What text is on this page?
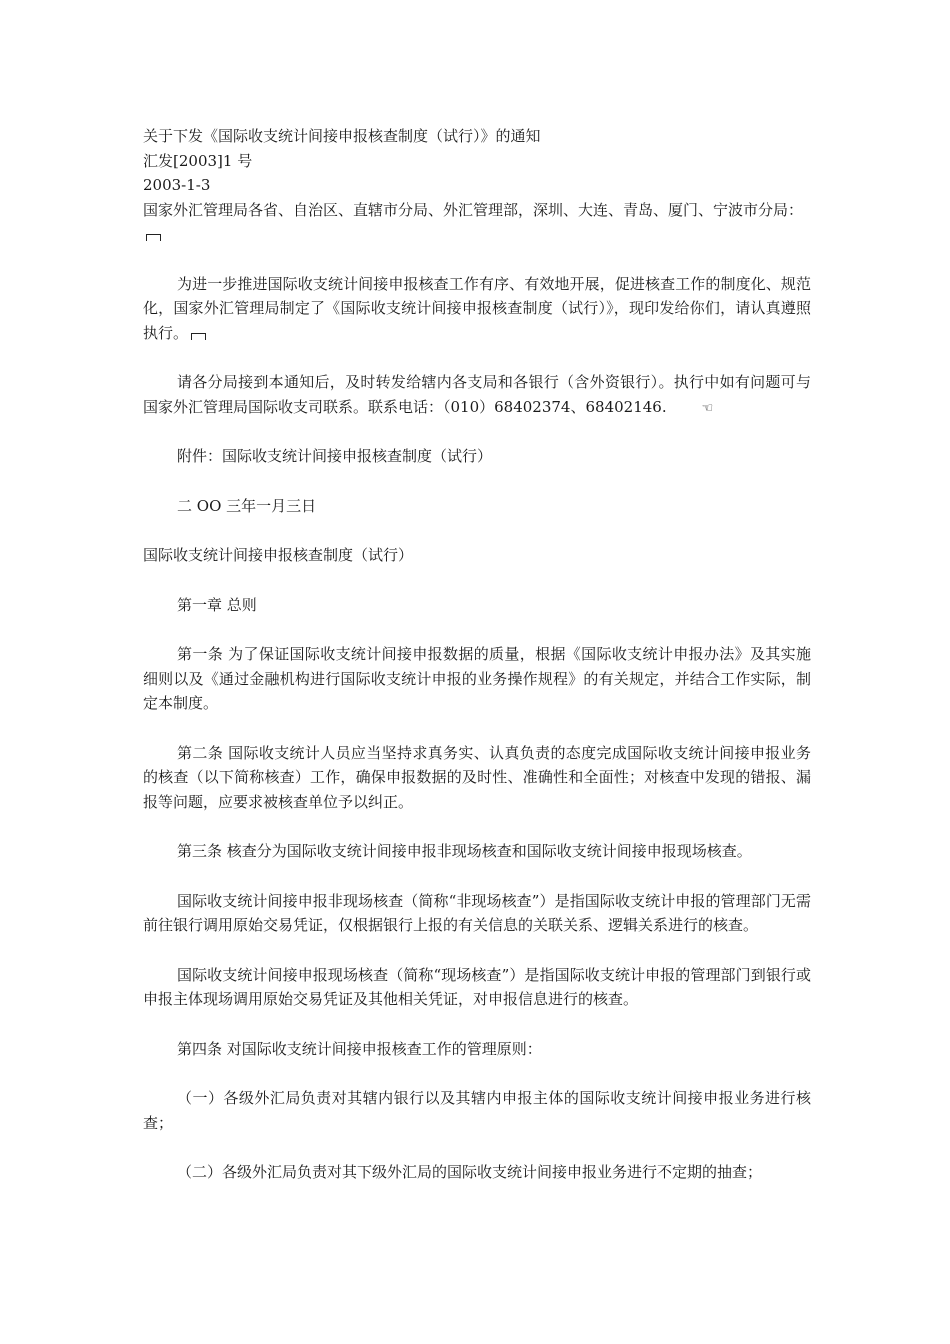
关于下发《国际收支统计间接申报核查制度（试行）》的通知
汇发[2003]1 号
2003-1-3
国家外汇管理局各省、自治区、直辖市分局、外汇管理部，深圳、大连、青岛、厦门、宁波市分局：

为进一步推进国际收支统计间接申报核查工作有序、有效地开展，促进核查工作的制度化、规范化，国家外汇管理局制定了《国际收支统计间接申报核查制度（试行）》，现印发给你们，请认真遵照执行。

请各分局接到本通知后，及时转发给辖内各支局和各银行（含外资银行）。执行中如有问题可与国家外汇管理局国际收支司联系。联系电话：（010）68402374、68402146.	☜

附件：国际收支统计间接申报核查制度（试行）

二 OO 三年一月三日

国际收支统计间接申报核查制度（试行）

第一章 总则

第一条 为了保证国际收支统计间接申报数据的质量，根据《国际收支统计申报办法》及其实施细则以及《通过金融机构进行国际收支统计申报的业务操作规程》的有关规定，并结合工作实际，制定本制度。

第二条 国际收支统计人员应当坚持求真务实、认真负责的态度完成国际收支统计间接申报业务的核查（以下简称核查）工作，确保申报数据的及时性、准确性和全面性；对核查中发现的错报、漏报等问题，应要求被核查单位予以纠正。

第三条 核查分为国际收支统计间接申报非现场核查和国际收支统计间接申报现场核查。

国际收支统计间接申报非现场核查（简称“非现场核查”）是指国际收支统计申报的管理部门无需前往银行调用原始交易凭证，仅根据银行上报的有关信息的关联关系、逻辑关系进行的核查。

国际收支统计间接申报现场核查（简称“现场核查”）是指国际收支统计申报的管理部门到银行或申报主体现场调用原始交易凭证及其他相关凭证，对申报信息进行的核查。

第四条 对国际收支统计间接申报核查工作的管理原则：

（一）各级外汇局负责对其辖内银行以及其辖内申报主体的国际收支统计间接申报业务进行核查；

（二）各级外汇局负责对其下级外汇局的国际收支统计间接申报业务进行不定期的抽查；
